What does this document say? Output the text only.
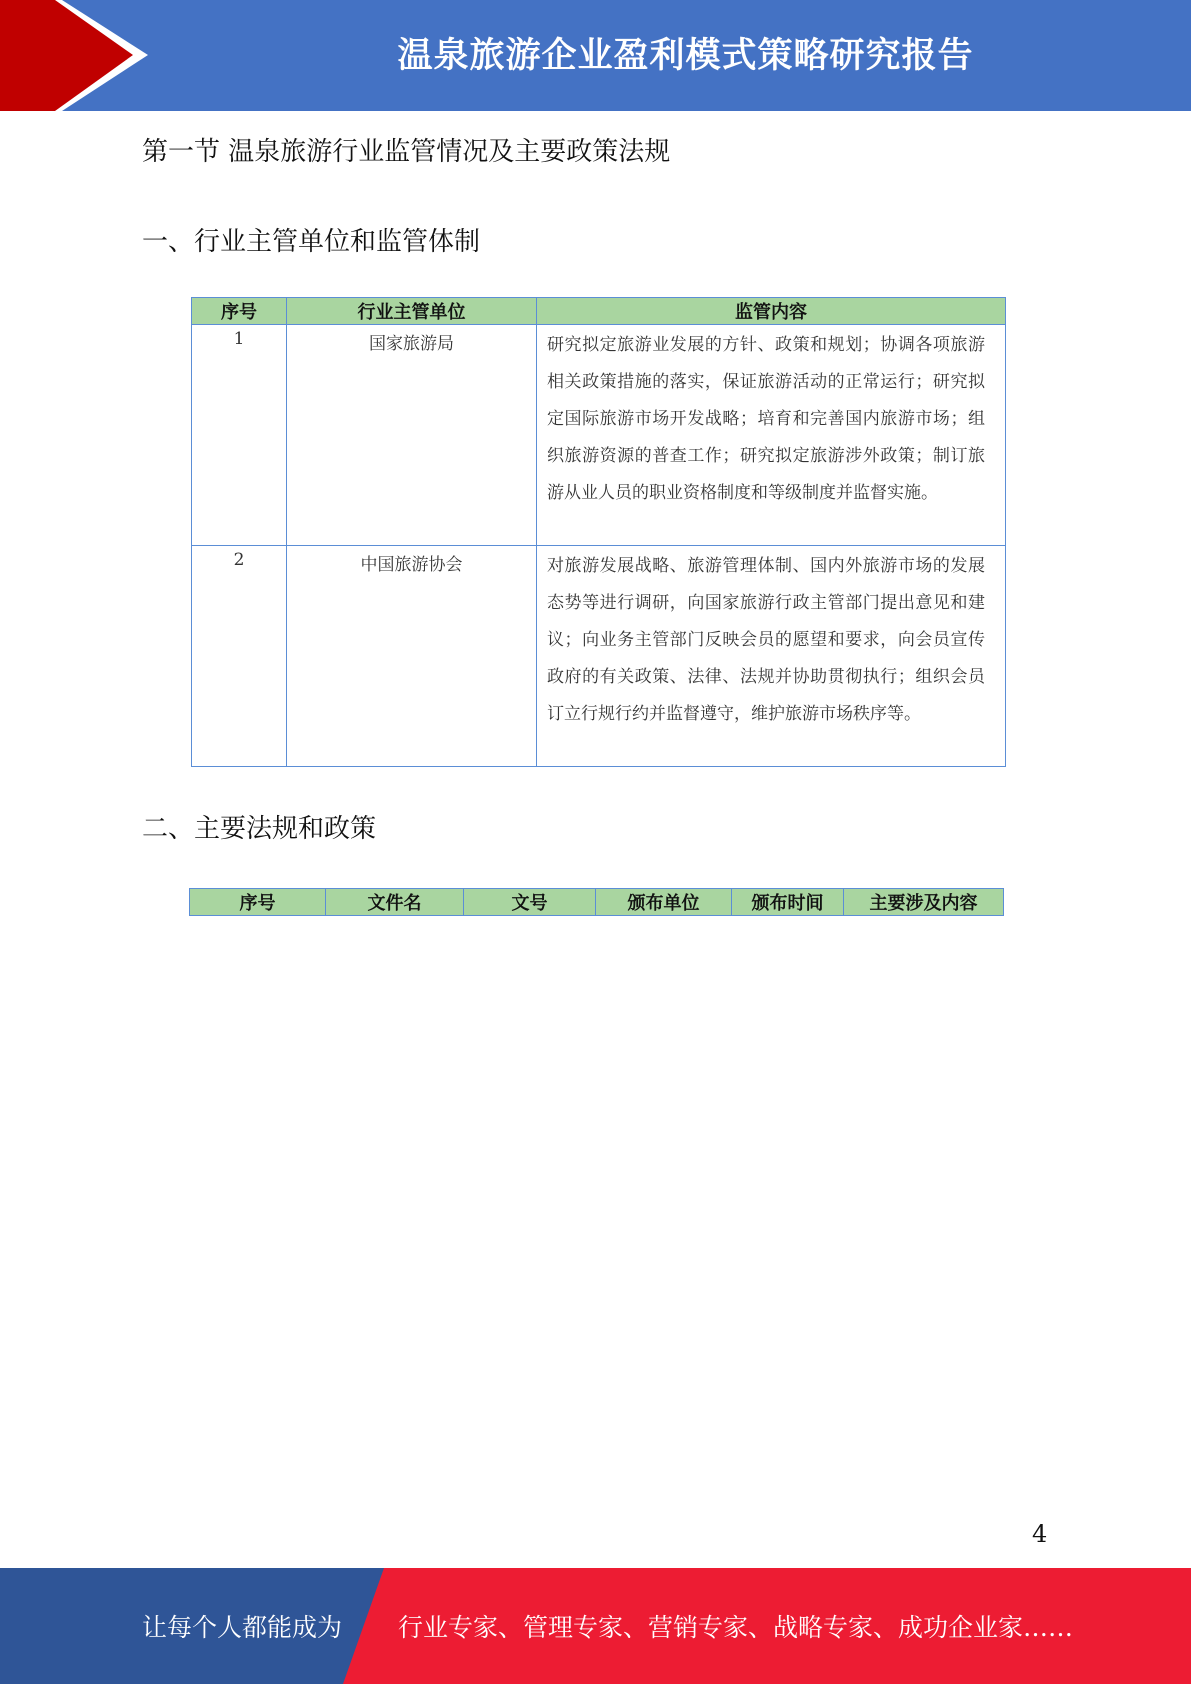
温泉旅游企业盈利模式策略研究报告
第一节 温泉旅游行业监管情况及主要政策法规
一、行业主管单位和监管体制
序号	行业主管单位	监管内容
1	国家旅游局	研究拟定旅游业发展的方针、政策和规划；协调各项旅游相关政策措施的落实，保证旅游活动的正常运行；研究拟定国际旅游市场开发战略；培育和完善国内旅游市场；组织旅游资源的普查工作；研究拟定旅游涉外政策；制订旅游从业人员的职业资格制度和等级制度并监督实施。
2	中国旅游协会	对旅游发展战略、旅游管理体制、国内外旅游市场的发展态势等进行调研，向国家旅游行政主管部门提出意见和建议；向业务主管部门反映会员的愿望和要求，向会员宣传政府的有关政策、法律、法规并协助贯彻执行；组织会员订立行规行约并监督遵守，维护旅游市场秩序等。
二、主要法规和政策
序号	文件名	文号	颁布单位	颁布时间	主要涉及内容
4
让每个人都能成为 行业专家、管理专家、营销专家、战略专家、成功企业家……
